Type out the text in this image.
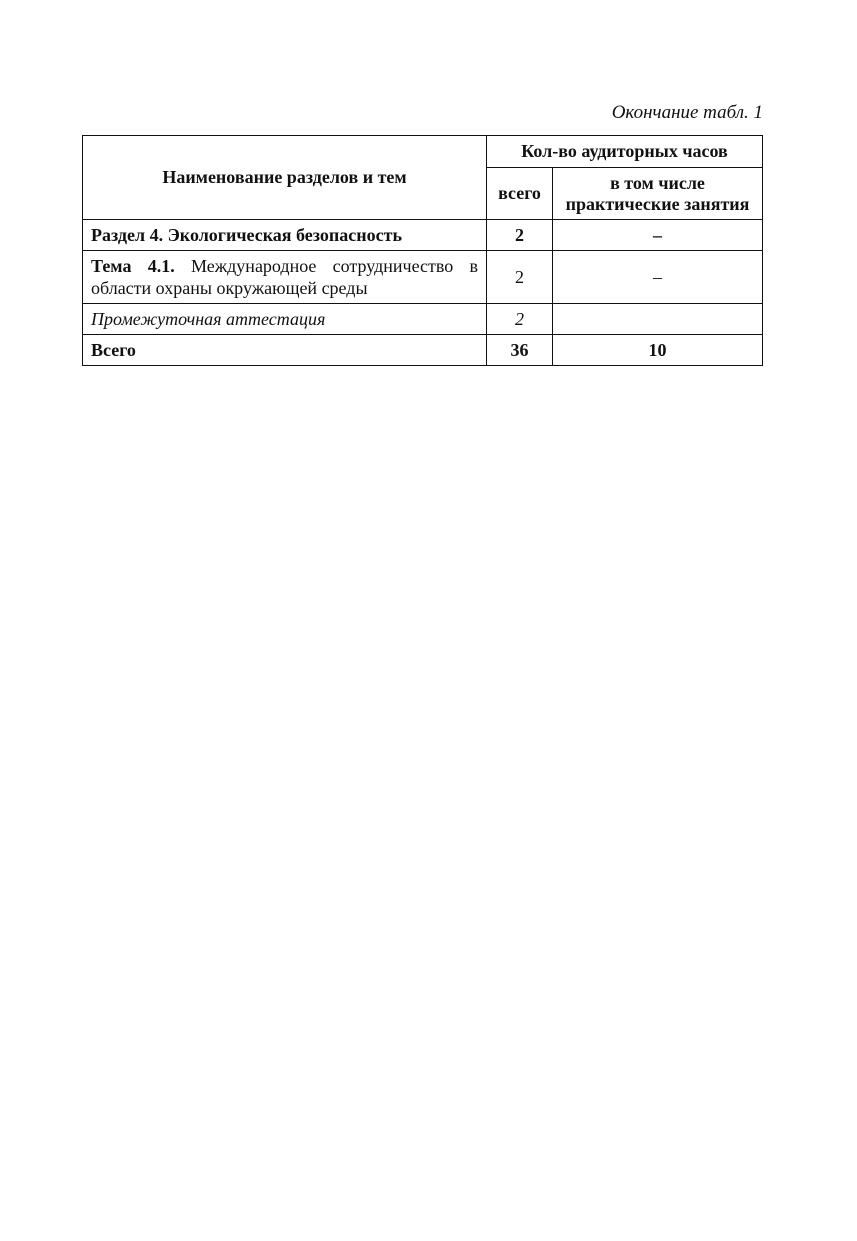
Окончание табл. 1
Наименование разделов и тем	Кол-во аудиторных часов	
	всего	в том числе
практические занятия
Раздел 4. Экологическая безопасность	2	–
Тема 4.1. Международное сотрудничество в области охраны окружающей среды	2	–
Промежуточная аттестация	2	
Всего	36	10
